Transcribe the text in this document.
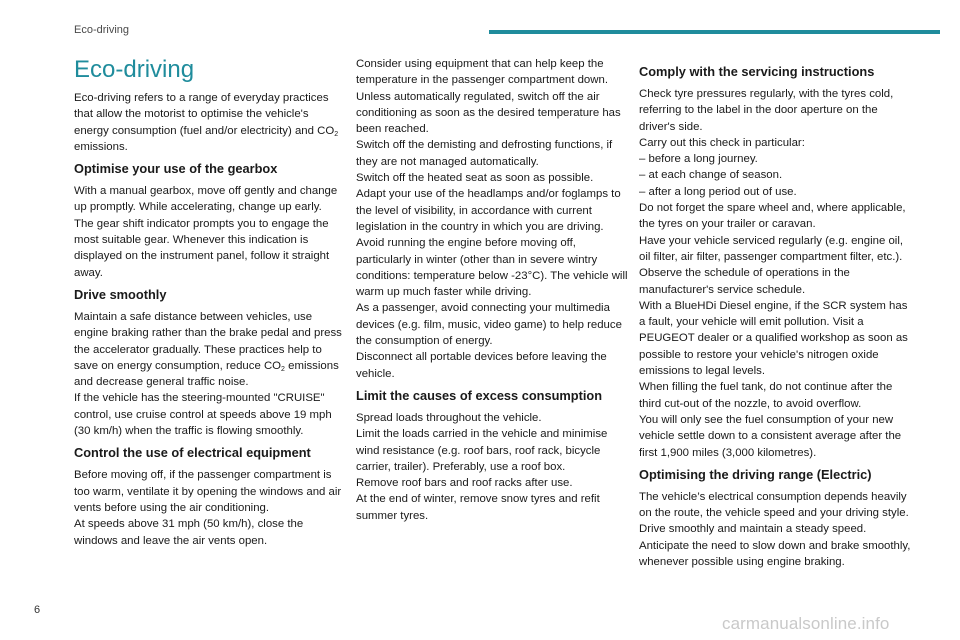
Eco-driving
Eco-driving

Eco-driving refers to a range of everyday practices that allow the motorist to optimise the vehicle's energy consumption (fuel and/or electricity) and $CO_2$ emissions.

Optimise your use of the gearbox

With a manual gearbox, move off gently and change up promptly. While accelerating, change up early.
The gear shift indicator prompts you to engage the most suitable gear. Whenever this indication is displayed on the instrument panel, follow it straight away.

Drive smoothly

Maintain a safe distance between vehicles, use engine braking rather than the brake pedal and press the accelerator gradually. These practices help to save on energy consumption, reduce $CO_2$ emissions and decrease general traffic noise.
If the vehicle has the steering-mounted "CRUISE" control, use cruise control at speeds above 19 mph (30 km/h) when the traffic is flowing smoothly.

Control the use of electrical equipment

Before moving off, if the passenger compartment is too warm, ventilate it by opening the windows and air vents before using the air conditioning.
At speeds above 31 mph (50 km/h), close the windows and leave the air vents open.

Consider using equipment that can help keep the temperature in the passenger compartment down.
Unless automatically regulated, switch off the air conditioning as soon as the desired temperature has been reached.
Switch off the demisting and defrosting functions, if they are not managed automatically.
Switch off the heated seat as soon as possible.
Adapt your use of the headlamps and/or foglamps to the level of visibility, in accordance with current legislation in the country in which you are driving.
Avoid running the engine before moving off, particularly in winter (other than in severe wintry conditions: temperature below -23°C). The vehicle will warm up much faster while driving.
As a passenger, avoid connecting your multimedia devices (e.g. film, music, video game) to help reduce the consumption of energy.
Disconnect all portable devices before leaving the vehicle.

Limit the causes of excess consumption

Spread loads throughout the vehicle.
Limit the loads carried in the vehicle and minimise wind resistance (e.g. roof bars, roof rack, bicycle carrier, trailer). Preferably, use a roof box.
Remove roof bars and roof racks after use.
At the end of winter, remove snow tyres and refit summer tyres.

Comply with the servicing instructions

Check tyre pressures regularly, with the tyres cold, referring to the label in the door aperture on the driver's side.
Carry out this check in particular:
– before a long journey.
– at each change of season.
– after a long period out of use.
Do not forget the spare wheel and, where applicable, the tyres on your trailer or caravan.
Have your vehicle serviced regularly (e.g. engine oil, oil filter, air filter, passenger compartment filter, etc.). Observe the schedule of operations in the manufacturer's service schedule.
With a BlueHDi Diesel engine, if the SCR system has a fault, your vehicle will emit pollution. Visit a PEUGEOT dealer or a qualified workshop as soon as possible to restore your vehicle's nitrogen oxide emissions to legal levels.
When filling the fuel tank, do not continue after the third cut-out of the nozzle, to avoid overflow.
You will only see the fuel consumption of your new vehicle settle down to a consistent average after the first 1,900 miles (3,000 kilometres).

Optimising the driving range (Electric)

The vehicle’s electrical consumption depends heavily on the route, the vehicle speed and your driving style.
Drive smoothly and maintain a steady speed.
Anticipate the need to slow down and brake smoothly, whenever possible using engine braking.

6
carmanualsonline.info
